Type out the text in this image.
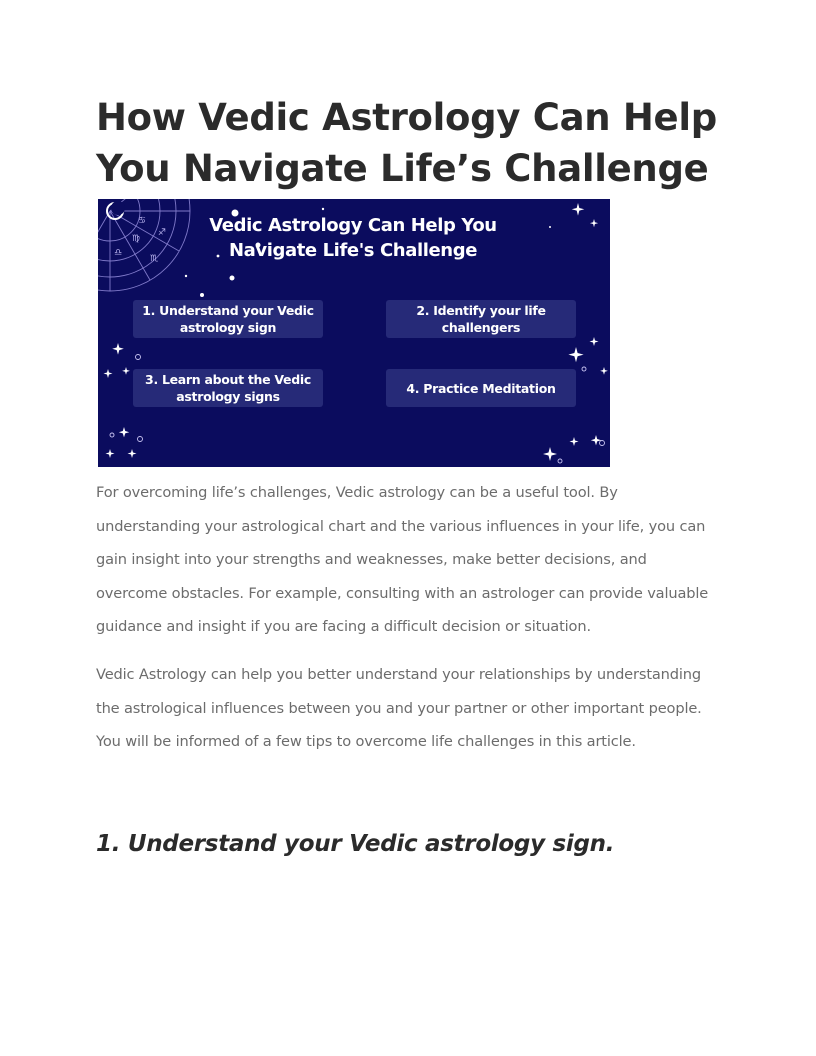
How Vedic Astrology Can Help You Navigate Life’s Challenge
♋
♍
♎
♏
♐	Vedic Astrology Can Help You Navigate Life's Challenge
1. Understand your Vedic astrology sign
2. Identify your life challengers
3. Learn about the Vedic astrology signs
4. Practice Meditation

For overcoming life’s challenges, Vedic astrology can be a useful tool. By understanding your astrological chart and the various influences in your life, you can gain insight into your strengths and weaknesses, make better decisions, and overcome obstacles. For example, consulting with an astrologer can provide valuable guidance and insight if you are facing a difficult decision or situation.

Vedic Astrology can help you better understand your relationships by understanding the astrological influences between you and your partner or other important people. You will be informed of a few tips to overcome life challenges in this article.

1. Understand your Vedic astrology sign.
